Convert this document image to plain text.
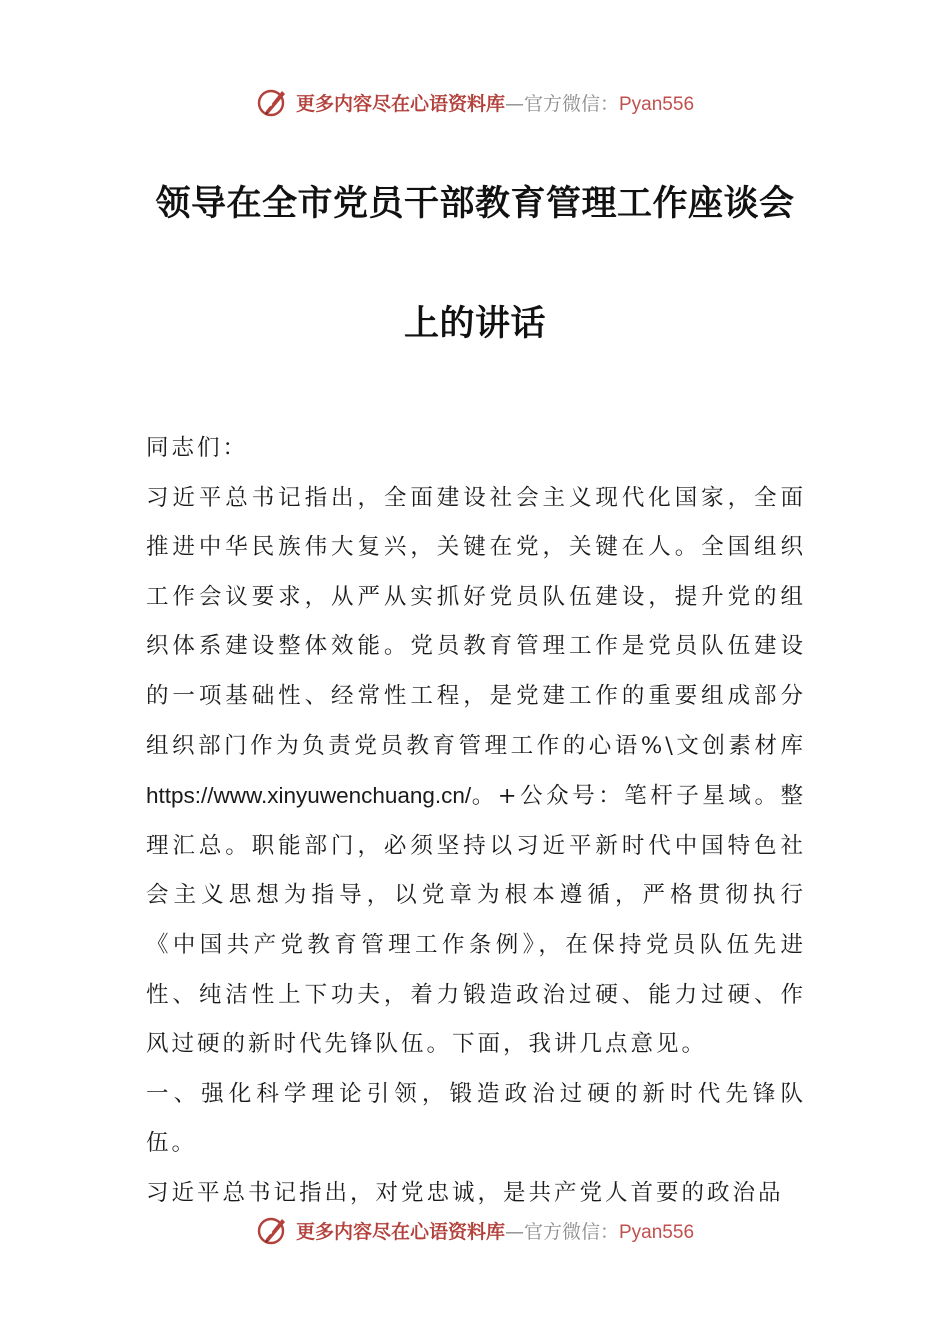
更多内容尽在心语资料库 — 官方微信： Pyan556
领导在全市党员干部教育管理工作座谈会
上的讲话

同志们：

习近平总书记指出，全面建设社会主义现代化国家，全面推进中华民族伟大复兴，关键在党，关键在人。全国组织工作会议要求，从严从实抓好党员队伍建设，提升党的组织体系建设整体效能。党员教育管理工作是党员队伍建设的一项基础性、经常性工程，是党建工作的重要组成部分组织部门作为负责党员教育管理工作的心语%\文创素材库https://www.xinyuwenchuang.cn/。+公众号：笔杆子星域。整理汇总。职能部门，必须坚持以习近平新时代中国特色社会主义思想为指导，以党章为根本遵循，严格贯彻执行《中国共产党教育管理工作条例》，在保持党员队伍先进性、纯洁性上下功夫，着力锻造政治过硬、能力过硬、作风过硬的新时代先锋队伍。下面，我讲几点意见。

一、强化科学理论引领，锻造政治过硬的新时代先锋队伍。

习近平总书记指出，对党忠诚，是共产党人首要的政治品

更多内容尽在心语资料库 — 官方微信： Pyan556
